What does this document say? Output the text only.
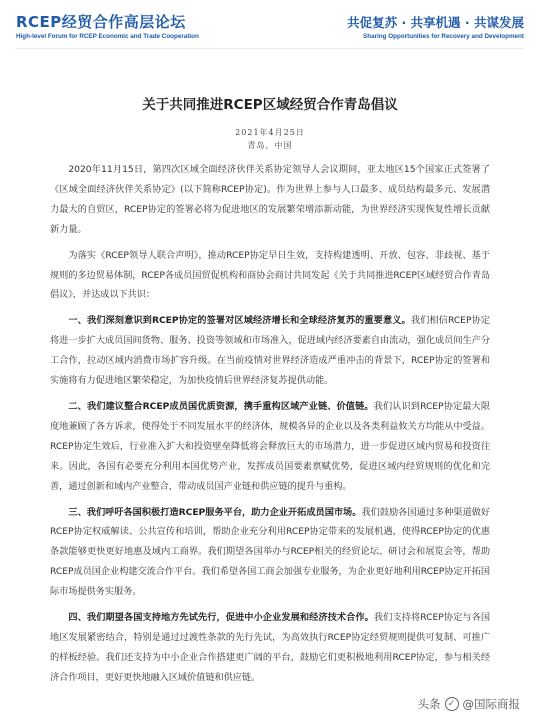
RCEP经贸合作高层论坛
High-level Forum for RCEP Economic and Trade Cooperation
共促复苏 · 共享机遇 · 共谋发展
Sharing Opportunities for Recovery and Development
关于共同推进RCEP区域经贸合作青岛倡议
2021年4月25日
青岛，中国

2020年11月15日，第四次区域全面经济伙伴关系协定领导人会议期间，亚太地区15个国家正式签署了《区域全面经济伙伴关系协定》(以下简称RCEP协定)。作为世界上参与人口最多、成员结构最多元、发展潜力最大的自贸区，RCEP协定的签署必将为促进地区的发展繁荣增添新动能，为世界经济实现恢复性增长贡献新力量。

为落实《RCEP领导人联合声明》，推动RCEP协定早日生效，支持构建透明、开放、包容、非歧视、基于规则的多边贸易体制，RCEP各成员国贸促机构和商协会商讨共同发起《关于共同推进RCEP区域经贸合作青岛倡议》，并达成以下共识：

一、我们深刻意识到RCEP协定的签署对区域经济增长和全球经济复苏的重要意义。我们相信RCEP协定将进一步扩大成员国间货物、服务、投资等领域和市场准入，促进域内经济要素自由流动，强化成员间生产分工合作，拉动区域内消费市场扩容升级。在当前疫情对世界经济造成严重冲击的背景下，RCEP协定的签署和实施将有力促进地区繁荣稳定，为加快疫情后世界经济复苏提供动能。

二、我们建议整合RCEP成员国优质资源，携手重构区域产业链、价值链。我们认识到RCEP协定最大限度地兼顾了各方诉求，使得处于不同发展水平的经济体，规模各异的企业以及各类利益攸关方均能从中受益。RCEP协定生效后，行业准入扩大和投资壁垒降低将会释放巨大的市场潜力，进一步促进区域内贸易和投资往来。因此，各国有必要充分利用本国优势产业，发挥成员国要素禀赋优势，促进区域内经贸规则的优化和完善，通过创新和域内产业整合，带动成员国产业链和供应链的提升与重构。

三、我们呼吁各国积极打造RCEP服务平台，助力企业开拓成员国市场。我们鼓励各国通过多种渠道做好RCEP协定权威解读、公共宣传和培训，帮助企业充分利用RCEP协定带来的发展机遇，使得RCEP协定的优惠条款能够更快更好地惠及域内工商界。我们期望各国举办与RCEP相关的经贸论坛、研讨会和展览会等，帮助RCEP成员国企业构建交流合作平台。我们希望各国工商会加强专业服务，为企业更好地利用RCEP协定开拓国际市场提供务实服务。

四、我们期望各国支持地方先试先行，促进中小企业发展和经济技术合作。我们支持将RCEP协定与各国地区发展紧密结合，特别是通过过渡性条款的先行先试，为高效执行RCEP协定经贸规则提供可复制、可推广的样板经验。我们还支持为中小企业合作搭建更广阔的平台，鼓励它们更积极地利用RCEP协定，参与相关经济合作项目，更好更快地融入区域价值链和供应链。

头条 ✓ @国际商报
